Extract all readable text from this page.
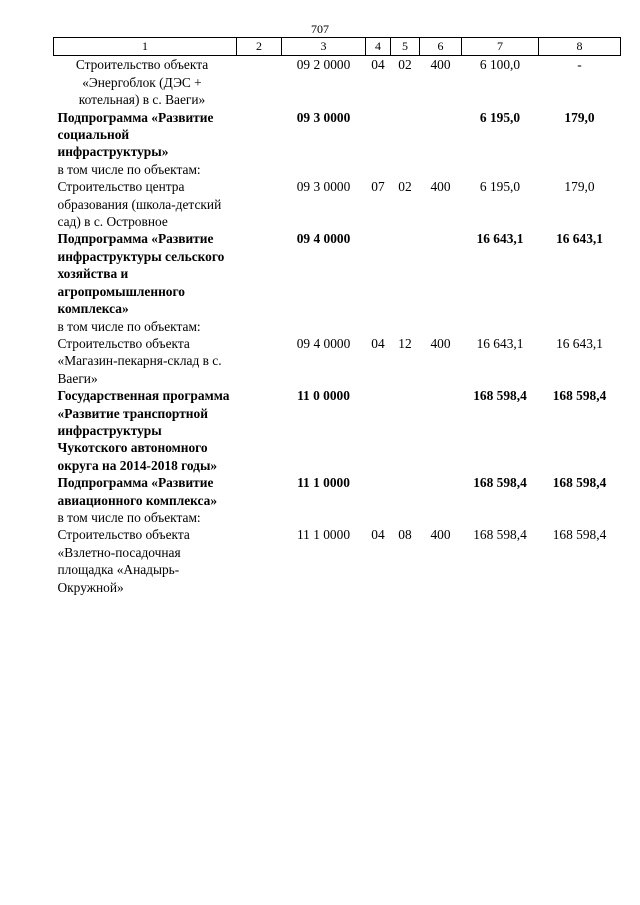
707
1	2	3	4	5	6	7	8
Строительство объекта «Энергоблок (ДЭС + котельная) в с. Ваеги»		09 2 0000	04	02	400	6 100,0	-
Подпрограмма «Развитие социальной инфраструктуры»		09 3 0000				6 195,0	179,0
в том числе по объектам:							
Строительство центра образования (школа-детский сад) в с. Островное		09 3 0000	07	02	400	6 195,0	179,0
Подпрограмма «Развитие инфраструктуры сельского хозяйства и агропромышленного комплекса»		09 4 0000				16 643,1	16 643,1
в том числе по объектам:							
Строительство объекта «Магазин-пекарня-склад в с. Ваеги»		09 4 0000	04	12	400	16 643,1	16 643,1
Государственная программа «Развитие транспортной инфраструктуры Чукотского автономного округа на 2014-2018 годы»		11 0 0000				168 598,4	168 598,4
Подпрограмма «Развитие авиационного комплекса»		11 1 0000				168 598,4	168 598,4
в том числе по объектам:							
Строительство объекта «Взлетно-посадочная площадка «Анадырь-Окружной»		11 1 0000	04	08	400	168 598,4	168 598,4
